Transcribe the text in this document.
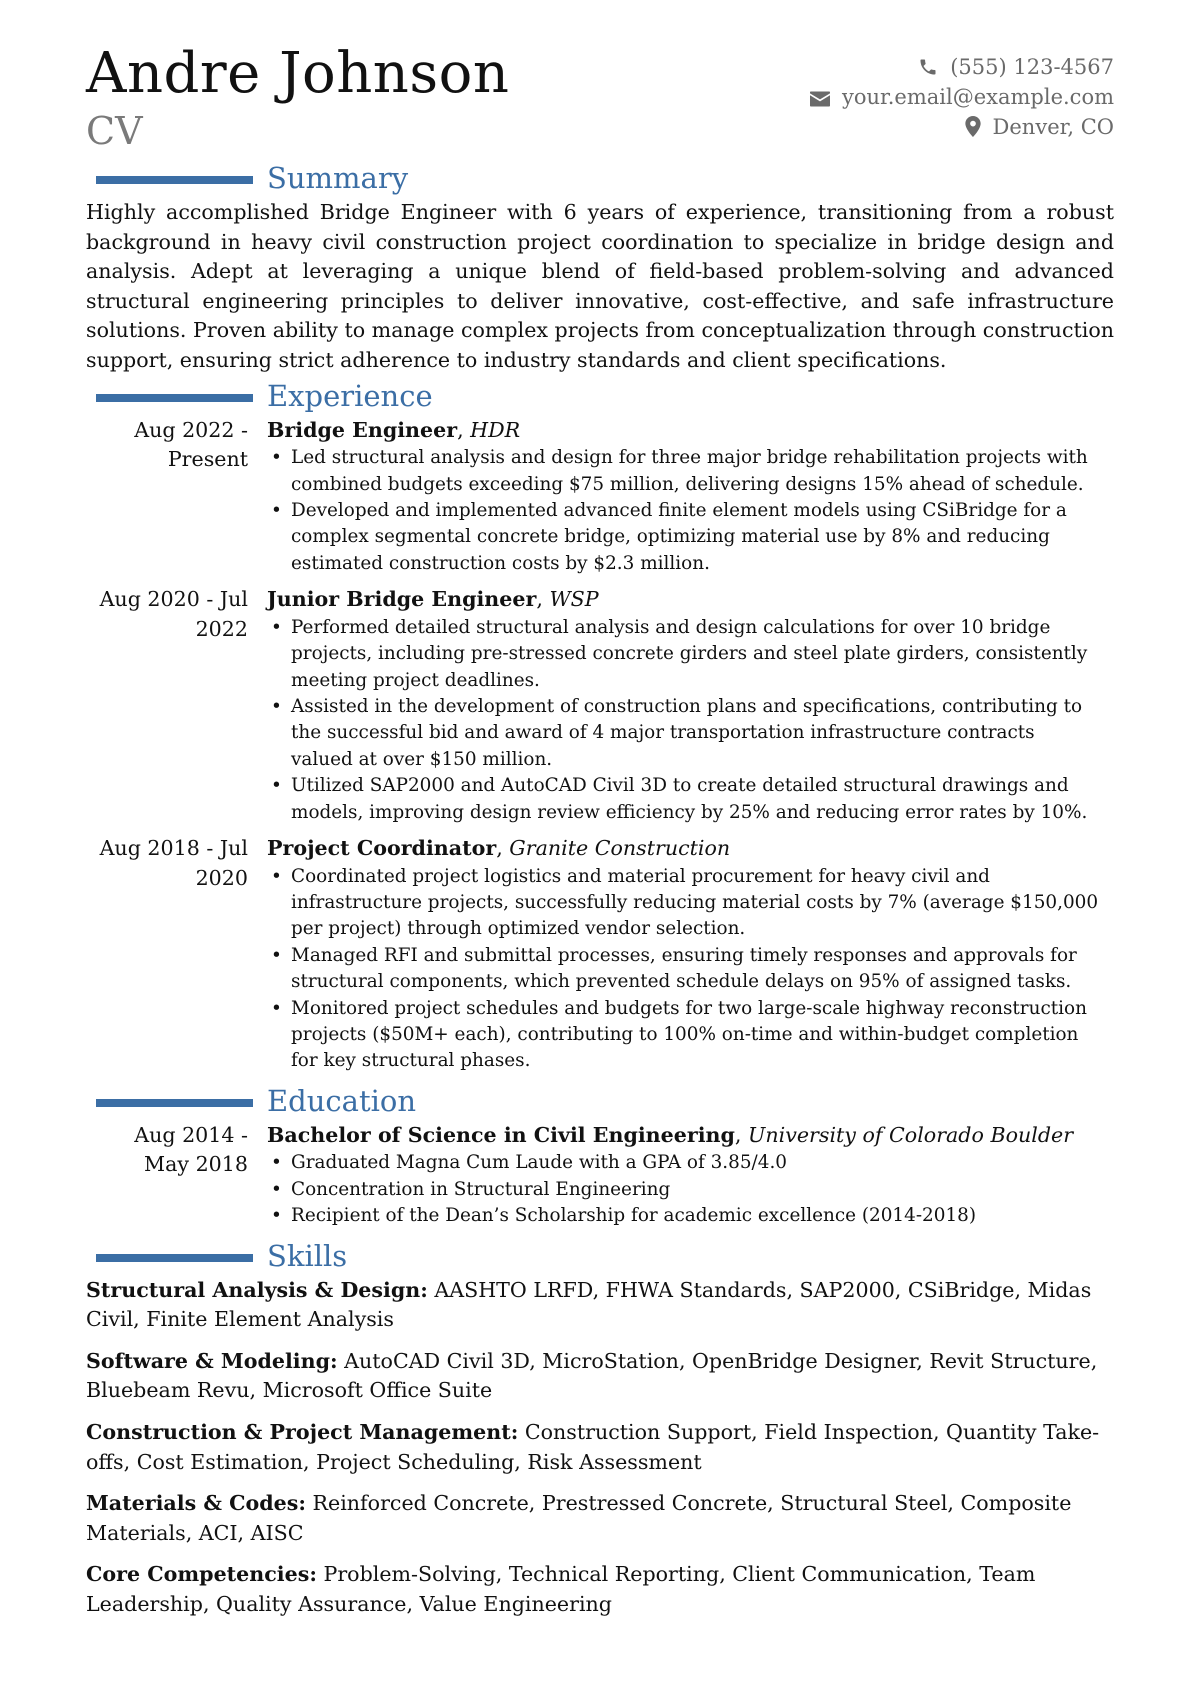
Andre Johnson
CV
(555) 123-4567
your.email@example.com
Denver, CO
Summary

Highly accomplished Bridge Engineer with 6 years of experience, transitioning from a robust background in heavy civil construction project coordination to specialize in bridge design and analysis. Adept at leveraging a unique blend of field-based problem-solving and advanced structural engineering principles to deliver innovative, cost-effective, and safe infrastructure solutions. Proven ability to manage complex projects from conceptualization through construction support, ensuring strict adherence to industry standards and client specifications.

Experience
Aug 2022 -
Present
Bridge Engineer, HDR
• Led structural analysis and design for three major bridge rehabilitation projects with combined budgets exceeding $75 million, delivering designs 15% ahead of schedule.
• Developed and implemented advanced finite element models using CSiBridge for a complex segmental concrete bridge, optimizing material use by 8% and reducing estimated construction costs by $2.3 million.
Aug 2020 - Jul
2022
Junior Bridge Engineer, WSP
• Performed detailed structural analysis and design calculations for over 10 bridge projects, including pre-stressed concrete girders and steel plate girders, consistently meeting project deadlines.
• Assisted in the development of construction plans and specifications, contributing to the successful bid and award of 4 major transportation infrastructure contracts valued at over $150 million.
• Utilized SAP2000 and AutoCAD Civil 3D to create detailed structural drawings and models, improving design review efficiency by 25% and reducing error rates by 10%.
Aug 2018 - Jul
2020
Project Coordinator, Granite Construction
• Coordinated project logistics and material procurement for heavy civil and infrastructure projects, successfully reducing material costs by 7% (average $150,000 per project) through optimized vendor selection.
• Managed RFI and submittal processes, ensuring timely responses and approvals for structural components, which prevented schedule delays on 95% of assigned tasks.
• Monitored project schedules and budgets for two large-scale highway reconstruction projects ($50M+ each), contributing to 100% on-time and within-budget completion for key structural phases.
Education
Aug 2014 -
May 2018
Bachelor of Science in Civil Engineering, University of Colorado Boulder
• Graduated Magna Cum Laude with a GPA of 3.85/4.0
• Concentration in Structural Engineering
• Recipient of the Dean’s Scholarship for academic excellence (2014-2018)
Skills

Structural Analysis & Design: AASHTO LRFD, FHWA Standards, SAP2000, CSiBridge, Midas Civil, Finite Element Analysis

Software & Modeling: AutoCAD Civil 3D, MicroStation, OpenBridge Designer, Revit Structure, Bluebeam Revu, Microsoft Office Suite

Construction & Project Management: Construction Support, Field Inspection, Quantity Take-offs, Cost Estimation, Project Scheduling, Risk Assessment

Materials & Codes: Reinforced Concrete, Prestressed Concrete, Structural Steel, Composite Materials, ACI, AISC

Core Competencies: Problem-Solving, Technical Reporting, Client Communication, Team Leadership, Quality Assurance, Value Engineering
